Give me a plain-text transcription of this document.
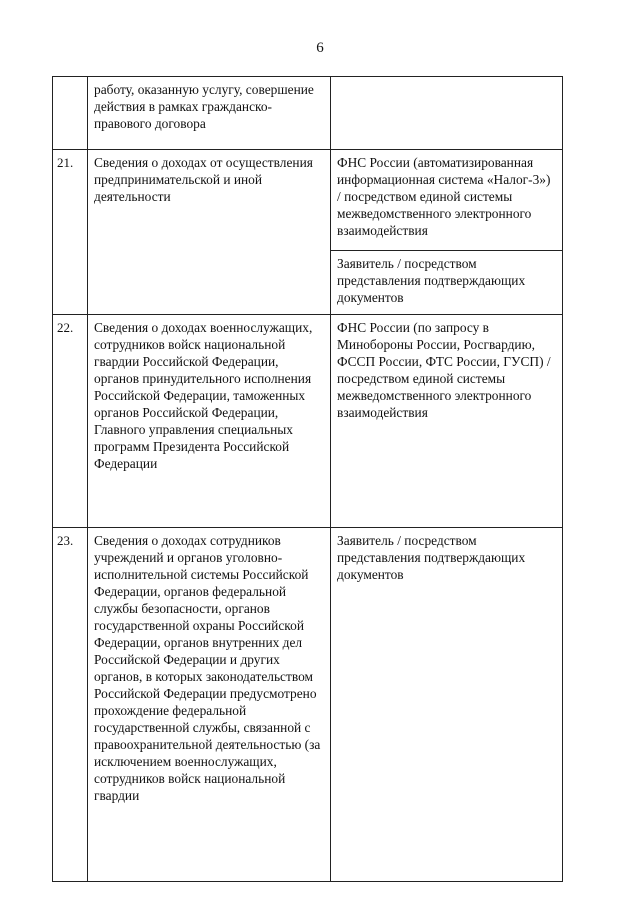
6

	работу, оказанную услугу, совершение действия в рамках гражданско-правового договора	

21.	Сведения о доходах от осуществления предпринимательской и иной деятельности	ФНС России (автоматизированная информационная система «Налог-3») / посредством единой системы межведомственного электронного взаимодействия

		Заявитель / посредством представления подтверждающих документов

22.	Сведения о доходах военнослужащих, сотрудников войск национальной гвардии Российской Федерации, органов принудительного исполнения Российской Федерации, таможенных органов Российской Федерации, Главного управления специальных программ Президента Российской Федерации	ФНС России (по запросу в Минобороны России, Росгвардию, ФССП России, ФТС России, ГУСП) / посредством единой системы межведомственного электронного взаимодействия

23.	Сведения о доходах сотрудников учреждений и органов уголовно-исполнительной системы Российской Федерации, органов федеральной службы безопасности, органов государственной охраны Российской Федерации, органов внутренних дел Российской Федерации и других органов, в которых законодательством Российской Федерации предусмотрено прохождение федеральной государственной службы, связанной с правоохранительной деятельностью (за исключением военнослужащих, сотрудников войск национальной гвардии	Заявитель / посредством представления подтверждающих документов
